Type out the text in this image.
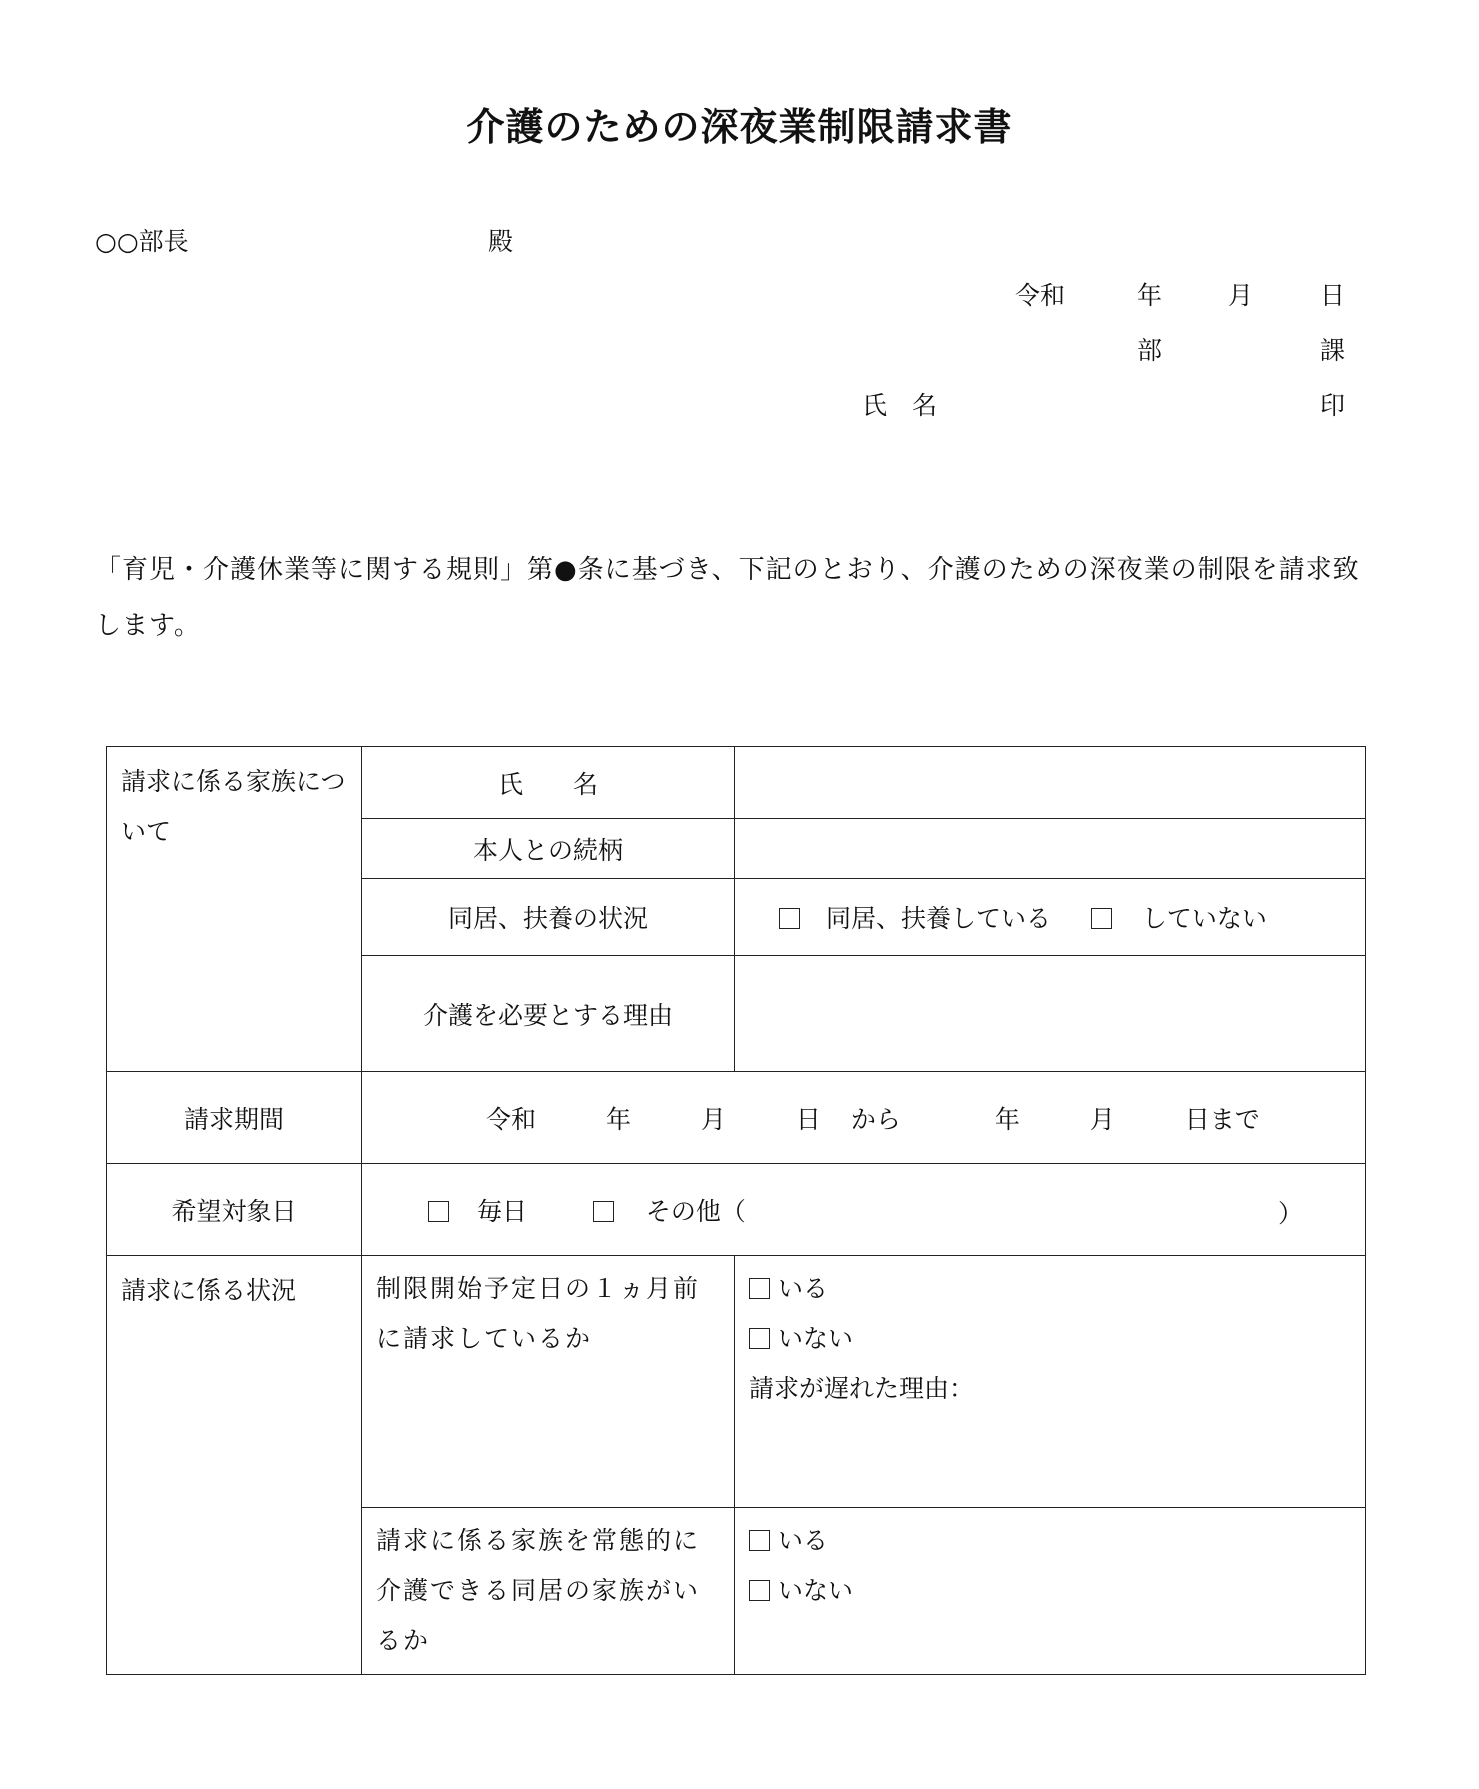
介護のための深夜業制限請求書
○○部長	殿
令和	年	月	日
部	課
氏　名	印
「育児・介護休業等に関する規則」第●条に基づき、下記のとおり、介護のための深夜業の制限を請求致します。
請求に係る家族について	氏　　名	
	本人との続柄	
	同居、扶養の状況	同居、扶養している していない
	介護を必要とする理由	
請求期間	令和 年 月 日 から 年 月 日まで	
希望対象日	毎日 その他（ ）	

請求に係る状況	制限開始予定日の１ヵ月前に請求しているか	いる
いない
請求が遅れた理由：

	請求に係る家族を常態的に介護できる同居の家族がいるか	いる
いない
